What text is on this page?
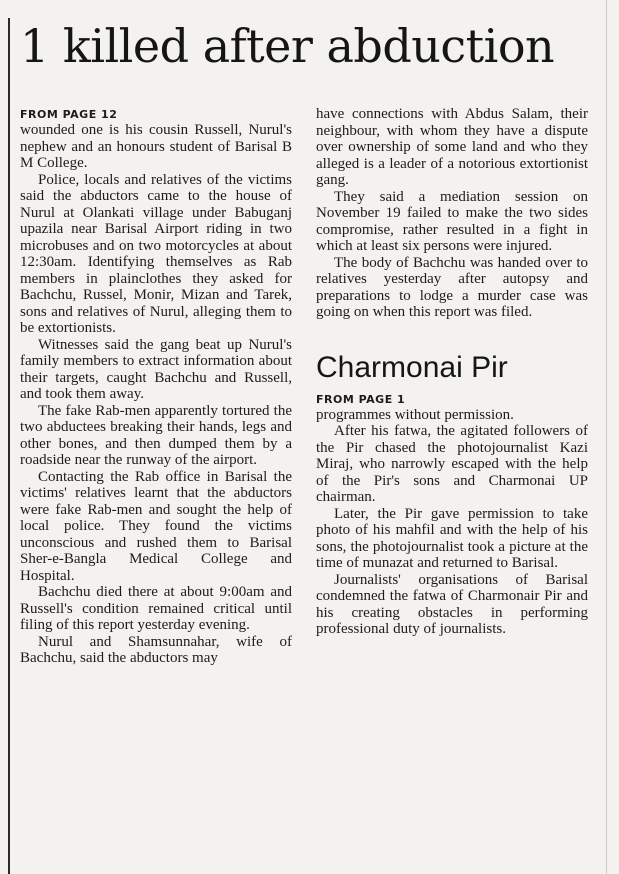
1 killed after abduction
FROM PAGE 12

wounded one is his cousin Russell, Nurul's nephew and an honours student of Barisal B M College.

Police, locals and relatives of the victims said the abductors came to the house of Nurul at Olankati village under Babuganj upazila near Barisal Airport riding in two microbuses and on two motorcycles at about 12:30am. Identifying themselves as Rab members in plainclothes they asked for Bachchu, Russel, Monir, Mizan and Tarek, sons and relatives of Nurul, alleging them to be extortionists.

Witnesses said the gang beat up Nurul's family members to extract information about their targets, caught Bachchu and Russell, and took them away.

The fake Rab-men apparently tortured the two abductees breaking their hands, legs and other bones, and then dumped them by a roadside near the runway of the airport.

Contacting the Rab office in Barisal the victims' relatives learnt that the abductors were fake Rab-men and sought the help of local police. They found the victims unconscious and rushed them to Barisal Sher-e-Bangla Medical College and Hospital.

Bachchu died there at about 9:00am and Russell's condition remained critical until filing of this report yesterday evening.

Nurul and Shamsunnahar, wife of Bachchu, said the abductors may

have connections with Abdus Salam, their neighbour, with whom they have a dispute over ownership of some land and who they alleged is a leader of a notorious extortionist gang.

They said a mediation session on November 19 failed to make the two sides compromise, rather resulted in a fight in which at least six persons were injured.

The body of Bachchu was handed over to relatives yesterday after autopsy and preparations to lodge a murder case was going on when this report was filed.

Charmonai Pir
FROM PAGE 1

programmes without permission.

After his fatwa, the agitated followers of the Pir chased the photojournalist Kazi Miraj, who narrowly escaped with the help of the Pir's sons and Charmonai UP chairman.

Later, the Pir gave permission to take photo of his mahfil and with the help of his sons, the photojournalist took a picture at the time of munazat and returned to Barisal.

Journalists' organisations of Barisal condemned the fatwa of Charmonair Pir and his creating obstacles in performing professional duty of journalists.
